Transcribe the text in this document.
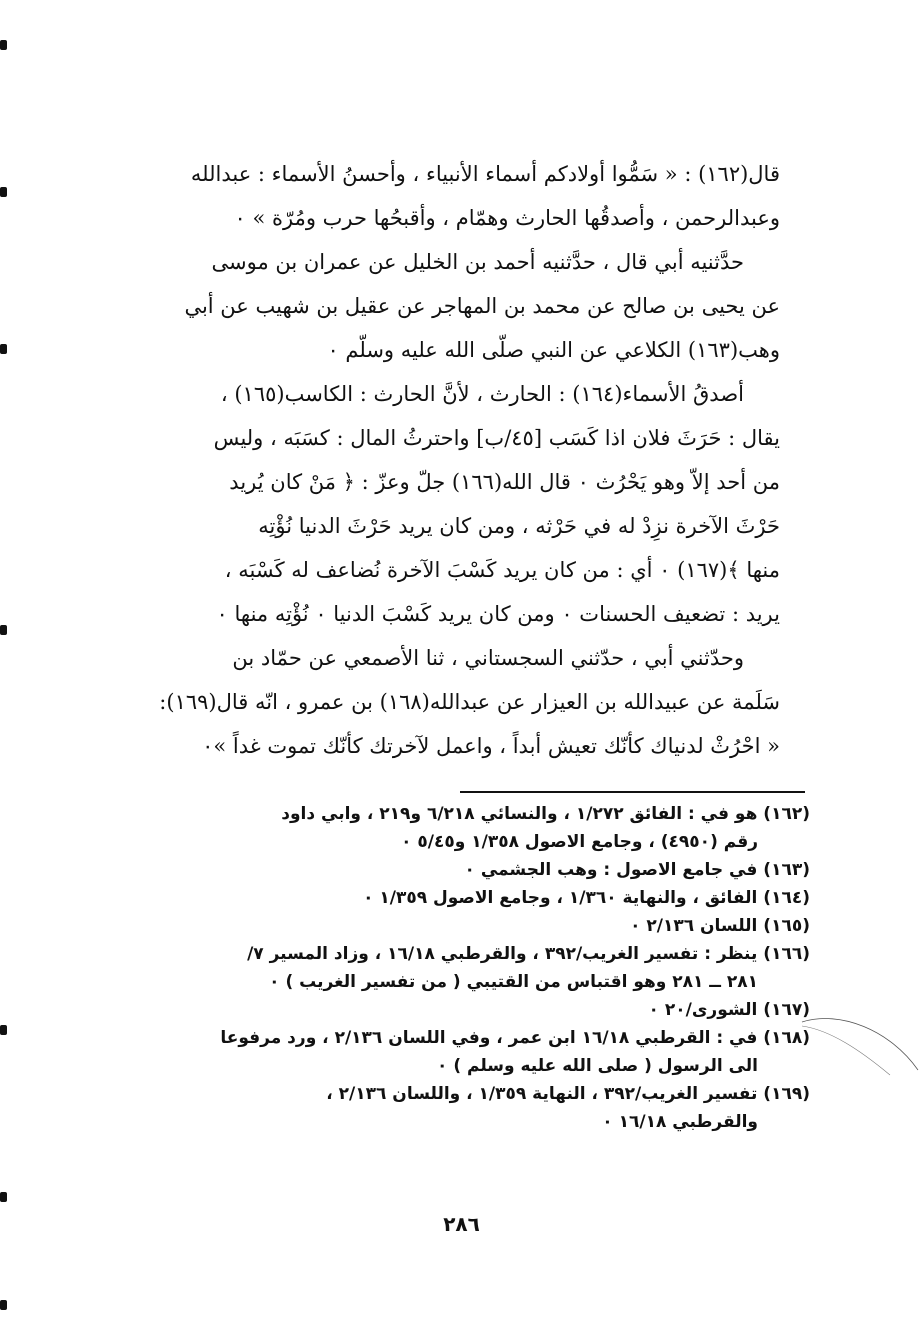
قال(١٦٢) : « سَمُّوا أولادكم أسماء الأنبياء ، وأحسنُ الأسماء : عبدالله
وعبدالرحمن ، وأصدقُها الحارث وهمّام ، وأقبحُها حرب ومُرّة » ٠

حدَّثنيه أبي قال ، حدَّثنيه أحمد بن الخليل عن عمران بن موسى
عن يحيى بن صالح عن محمد بن المهاجر عن عقيل بن شهيب عن أبي
وهب(١٦٣) الكلاعي عن النبي صلّى الله عليه وسلّم ٠

أصدقُ الأسماء(١٦٤) : الحارث ، لأنَّ الحارث : الكاسب(١٦٥) ،
يقال : حَرَثَ فلان اذا كَسَب [٤٥/ب] واحترثُ المال : كسَبَه ، وليس
من أحد إلاّ وهو يَحْرُث ٠ قال الله(١٦٦) جلّ وعزّ : ﴿ مَنْ كان يُريد
حَرْثَ الآخرة نزِدْ له في حَرْثه ، ومن كان يريد حَرْثَ الدنيا نُؤْتِه
منها ﴾(١٦٧) ٠ أي : من كان يريد كَسْبَ الآخرة نُضاعف له كَسْبَه ،
يريد : تضعيف الحسنات ٠ ومن كان يريد كَسْبَ الدنيا ٠ نُؤْتِه منها ٠

وحدّثني أبي ، حدّثني السجستاني ، ثنا الأصمعي عن حمّاد بن
سَلَمة عن عبيدالله بن العيزار عن عبدالله(١٦٨) بن عمرو ، انّه قال(١٦٩):
« احْرُثْ لدنياك كأنّك تعيش أبداً ، واعمل لآخرتك كأنّك تموت غداً »٠

(١٦٢) هو في : الفائق ١/٢٧٢ ، والنسائي ٦/٢١٨ و٢١٩ ، وابي داود
رقم (٤٩٥٠) ، وجامع الاصول ١/٣٥٨ و٥/٤٥ ٠

(١٦٣) في جامع الاصول : وهب الجشمي ٠

(١٦٤) الفائق ، والنهاية ١/٣٦٠ ، وجامع الاصول ١/٣٥٩ ٠

(١٦٥) اللسان ٢/١٣٦ ٠

(١٦٦) ينظر : تفسير الغريب/٣٩٢ ، والقرطبي ١٦/١٨ ، وزاد المسير ٧/
٢٨١ ــ ٢٨١ وهو اقتباس من القتيبي ( من تفسير الغريب ) ٠

(١٦٧) الشورى/٢٠ ٠

(١٦٨) في : القرطبي ١٦/١٨ ابن عمر ، وفي اللسان ٢/١٣٦ ، ورد مرفوعا
الى الرسول ( صلى الله عليه وسلم ) ٠

(١٦٩) تفسير الغريب/٣٩٢ ، النهاية ١/٣٥٩ ، واللسان ٢/١٣٦ ،
والقرطبي ١٦/١٨ ٠

٢٨٦
